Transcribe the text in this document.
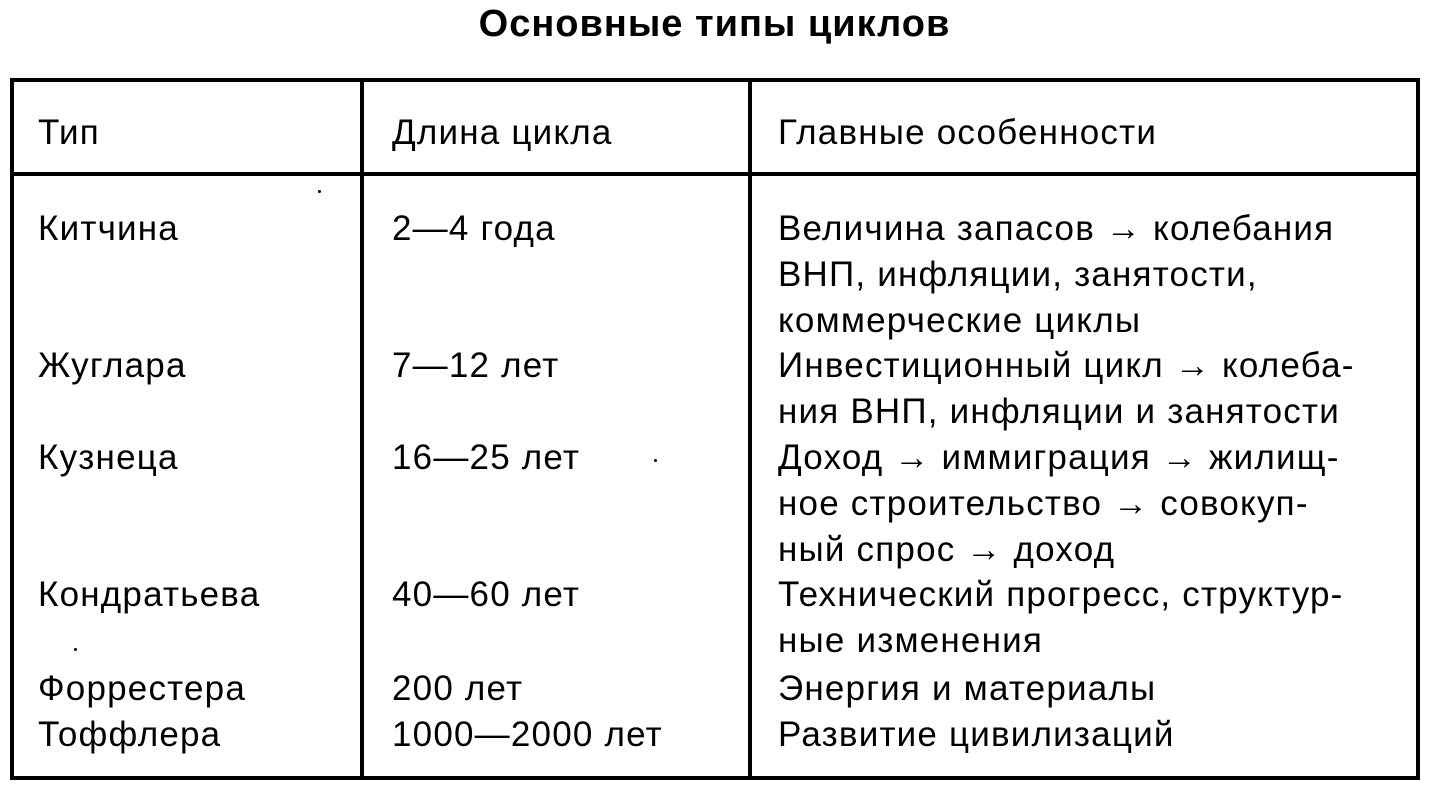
Основные типы циклов
Тип	Длина цикла	Главные особенности
Китчина	2—4 года	Величина запасов → колебания
ВНП, инфляции, занятости,
коммерческие циклы
Жуглара	7—12 лет	Инвестиционный цикл → колеба-
ния ВНП, инфляции и занятости
Кузнеца	16—25 лет	Доход → иммиграция → жилищ-
ное строительство → совокуп-
ный спрос → доход
Кондратьева	40—60 лет	Технический прогресс, структур-
ные изменения
Форрестера	200 лет	Энергия и материалы
Тоффлера	1000—2000 лет	Развитие цивилизаций
